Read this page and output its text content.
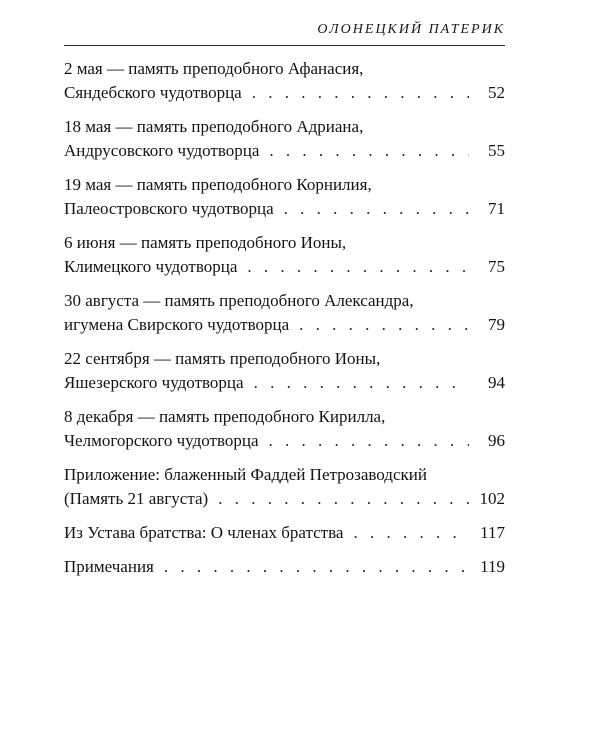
ОЛОНЕЦКИЙ ПАТЕРИК
2 мая — память преподобного Афанасия,
Сяндебского чудотворца . . .	52
18 мая — память преподобного Адриана,
Андрусовского чудотворца . . .	55
19 мая — память преподобного Корнилия,
Палеостровского чудотворца . . .	71
6 июня — память преподобного Ионы,
Климецкого чудотворца . . .	75
30 августа — память преподобного Александра,
игумена Свирского чудотворца . . .	79
22 сентября — память преподобного Ионы,
Яшезерского чудотворца . . .	94
8 декабря — память преподобного Кирилла,
Челмогорского чудотворца . . .	96
Приложение: блаженный Фаддей Петрозаводский
(Память 21 августа) . . .	102
Из Устава братства: О членах братства . . .	117
Примечания . . .	119
